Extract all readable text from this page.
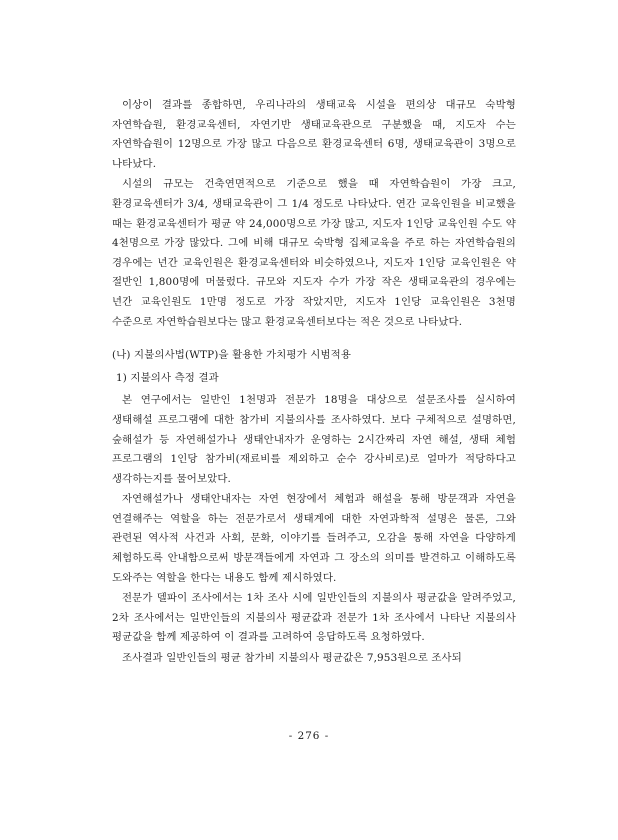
이상이 결과를 종합하면, 우리나라의 생태교육 시설을 편의상 대규모 숙박형 자연학습원, 환경교육센터, 자연기반 생태교육관으로 구분했을 때, 지도자 수는 자연학습원이 12명으로 가장 많고 다음으로 환경교육센터 6명, 생태교육관이 3명으로 나타났다.

시설의 규모는 건축연면적으로 기준으로 했을 때 자연학습원이 가장 크고, 환경교육센터가 3/4, 생태교육관이 그 1/4 정도로 나타났다. 연간 교육인원을 비교했을 때는 환경교육센터가 평균 약 24,000명으로 가장 많고, 지도자 1인당 교육인원 수도 약 4천명으로 가장 많았다. 그에 비해 대규모 숙박형 집체교육을 주로 하는 자연학습원의 경우에는 년간 교육인원은 환경교육센터와 비슷하였으나, 지도자 1인당 교육인원은 약 절반인 1,800명에 머물렀다. 규모와 지도자 수가 가장 작은 생태교육관의 경우에는 년간 교육인원도 1만명 정도로 가장 작았지만, 지도자 1인당 교육인원은 3천명 수준으로 자연학습원보다는 많고 환경교육센터보다는 적은 것으로 나타났다.

(나) 지불의사법(WTP)을 활용한 가치평가 시범적용
1) 지불의사 측정 결과

본 연구에서는 일반인 1천명과 전문가 18명을 대상으로 설문조사를 실시하여 생태해설 프로그램에 대한 참가비 지불의사를 조사하였다. 보다 구체적으로 설명하면, 숲해설가 등 자연해설가나 생태안내자가 운영하는 2시간짜리 자연 해설, 생태 체험 프로그램의 1인당 참가비(재료비를 제외하고 순수 강사비로)로 얼마가 적당하다고 생각하는지를 물어보았다.

자연해설가나 생태안내자는 자연 현장에서 체험과 해설을 통해 방문객과 자연을 연결해주는 역할을 하는 전문가로서 생태계에 대한 자연과학적 설명은 물론, 그와 관련된 역사적 사건과 사회, 문화, 이야기를 들려주고, 오감을 통해 자연을 다양하게 체험하도록 안내함으로써 방문객들에게 자연과 그 장소의 의미를 발견하고 이해하도록 도와주는 역할을 한다는 내용도 함께 제시하였다.

전문가 델파이 조사에서는 1차 조사 시에 일반인들의 지불의사 평균값을 알려주었고, 2차 조사에서는 일반인들의 지불의사 평균값과 전문가 1차 조사에서 나타난 지불의사 평균값을 함께 제공하여 이 결과를 고려하여 응답하도록 요청하였다.

조사결과 일반인들의 평균 참가비 지불의사 평균값은 7,953원으로 조사되

- 276 -
